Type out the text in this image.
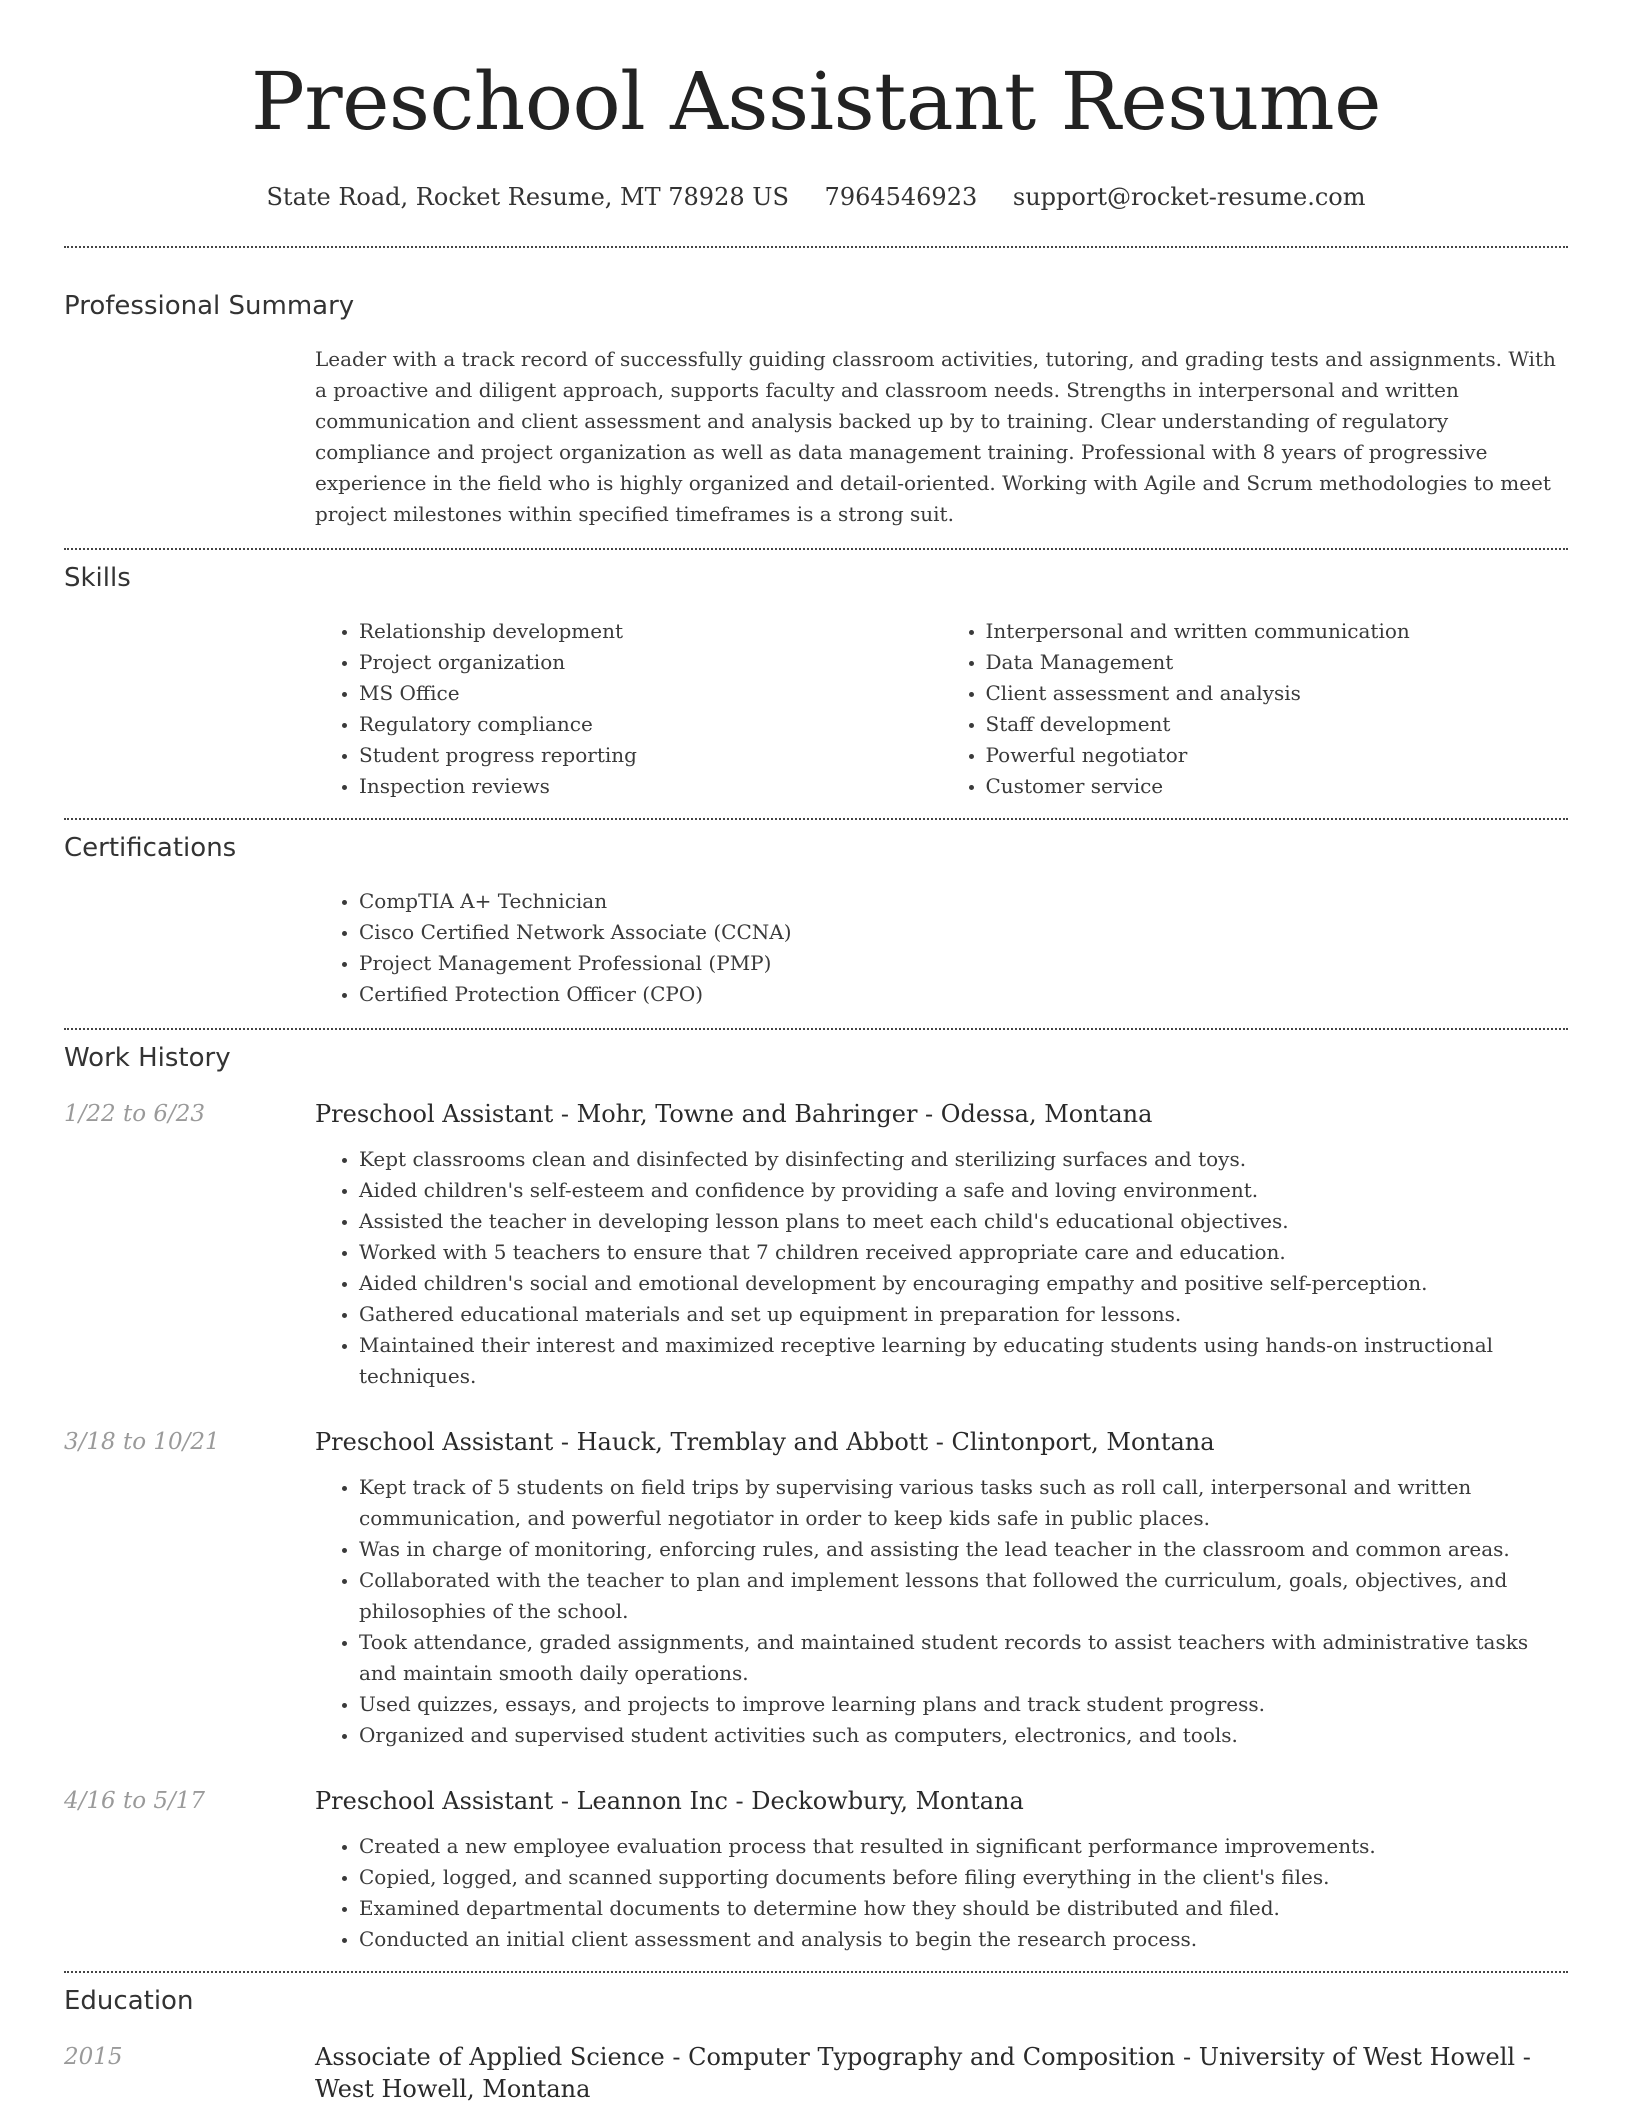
Preschool Assistant Resume
State Road, Rocket Resume, MT 78928 US 7964546923 support@rocket-resume.com
Professional Summary

Leader with a track record of successfully guiding classroom activities, tutoring, and grading tests and assignments. With a proactive and diligent approach, supports faculty and classroom needs. Strengths in interpersonal and written communication and client assessment and analysis backed up by to training. Clear understanding of regulatory compliance and project organization as well as data management training. Professional with 8 years of progressive experience in the field who is highly organized and detail-oriented. Working with Agile and Scrum methodologies to meet project milestones within specified timeframes is a strong suit.

Skills
• Relationship development
• Project organization
• MS Office
• Regulatory compliance
• Student progress reporting
• Inspection reviews
• Interpersonal and written communication
• Data Management
• Client assessment and analysis
• Staff development
• Powerful negotiator
• Customer service
Certifications
• CompTIA A+ Technician
• Cisco Certified Network Associate (CCNA)
• Project Management Professional (PMP)
• Certified Protection Officer (CPO)
Work History
1/22 to 6/23	Preschool Assistant - Mohr, Towne and Bahringer - Odessa, Montana
• Kept classrooms clean and disinfected by disinfecting and sterilizing surfaces and toys.
• Aided children's self-esteem and confidence by providing a safe and loving environment.
• Assisted the teacher in developing lesson plans to meet each child's educational objectives.
• Worked with 5 teachers to ensure that 7 children received appropriate care and education.
• Aided children's social and emotional development by encouraging empathy and positive self-perception.
• Gathered educational materials and set up equipment in preparation for lessons.
• Maintained their interest and maximized receptive learning by educating students using hands-on instructional techniques.
3/18 to 10/21	Preschool Assistant - Hauck, Tremblay and Abbott - Clintonport, Montana
• Kept track of 5 students on field trips by supervising various tasks such as roll call, interpersonal and written communication, and powerful negotiator in order to keep kids safe in public places.
• Was in charge of monitoring, enforcing rules, and assisting the lead teacher in the classroom and common areas.
• Collaborated with the teacher to plan and implement lessons that followed the curriculum, goals, objectives, and philosophies of the school.
• Took attendance, graded assignments, and maintained student records to assist teachers with administrative tasks and maintain smooth daily operations.
• Used quizzes, essays, and projects to improve learning plans and track student progress.
• Organized and supervised student activities such as computers, electronics, and tools.
4/16 to 5/17	Preschool Assistant - Leannon Inc - Deckowbury, Montana
• Created a new employee evaluation process that resulted in significant performance improvements.
• Copied, logged, and scanned supporting documents before filing everything in the client's files.
• Examined departmental documents to determine how they should be distributed and filed.
• Conducted an initial client assessment and analysis to begin the research process.
Education
2015	Associate of Applied Science - Computer Typography and Composition - University of West Howell - West Howell, Montana
